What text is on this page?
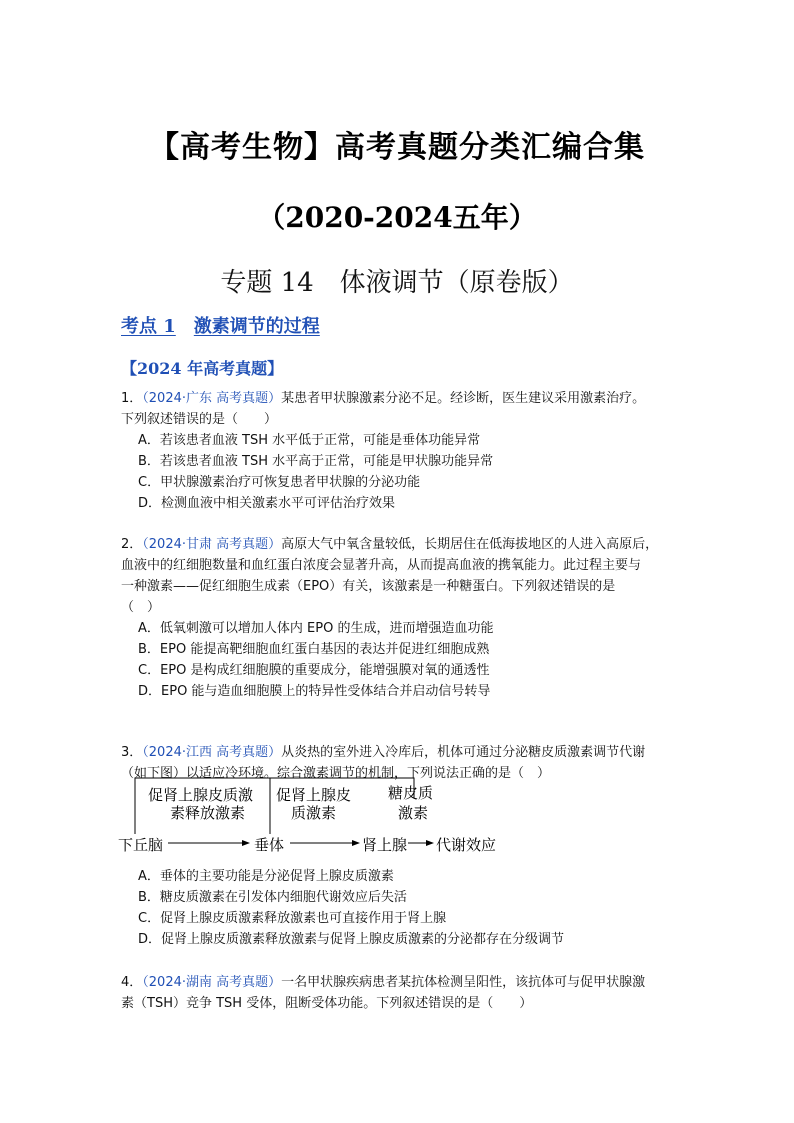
【高考生物】高考真题分类汇编合集
（2020-2024五年）
专题 14　体液调节（原卷版）
考点 1 激素调节的过程
【2024 年高考真题】

1．（2024·广东 高考真题）某患者甲状腺激素分泌不足。经诊断，医生建议采用激素治疗。
下列叙述错误的是（　　）

A．若该患者血液 TSH 水平低于正常，可能是垂体功能异常

B．若该患者血液 TSH 水平高于正常，可能是甲状腺功能异常

C．甲状腺激素治疗可恢复患者甲状腺的分泌功能

D．检测血液中相关激素水平可评估治疗效果

2．（2024·甘肃 高考真题）高原大气中氧含量较低，长期居住在低海拔地区的人进入高原后，
血液中的红细胞数量和血红蛋白浓度会显著升高，从而提高血液的携氧能力。此过程主要与
一种激素——促红细胞生成素（EPO）有关，该激素是一种糖蛋白。下列叙述错误的是
（　）

A．低氧刺激可以增加人体内 EPO 的生成，进而增强造血功能

B．EPO 能提高靶细胞血红蛋白基因的表达并促进红细胞成熟

C．EPO 是构成红细胞膜的重要成分，能增强膜对氧的通透性

D．EPO 能与造血细胞膜上的特异性受体结合并启动信号转导

3．（2024·江西 高考真题）从炎热的室外进入冷库后，机体可通过分泌糖皮质激素调节代谢
（如下图）以适应冷环境。综合激素调节的机制，下列说法正确的是（　）

促肾上腺皮质激
素释放激素
促肾上腺皮
质激素
糖皮质
激素
下丘脑	垂体	肾上腺 代谢效应

A．垂体的主要功能是分泌促肾上腺皮质激素

B．糖皮质激素在引发体内细胞代谢效应后失活

C．促肾上腺皮质激素释放激素也可直接作用于肾上腺

D．促肾上腺皮质激素释放激素与促肾上腺皮质激素的分泌都存在分级调节

4．（2024·湖南 高考真题）一名甲状腺疾病患者某抗体检测呈阳性，该抗体可与促甲状腺激
素（TSH）竞争 TSH 受体，阻断受体功能。下列叙述错误的是（　　）
